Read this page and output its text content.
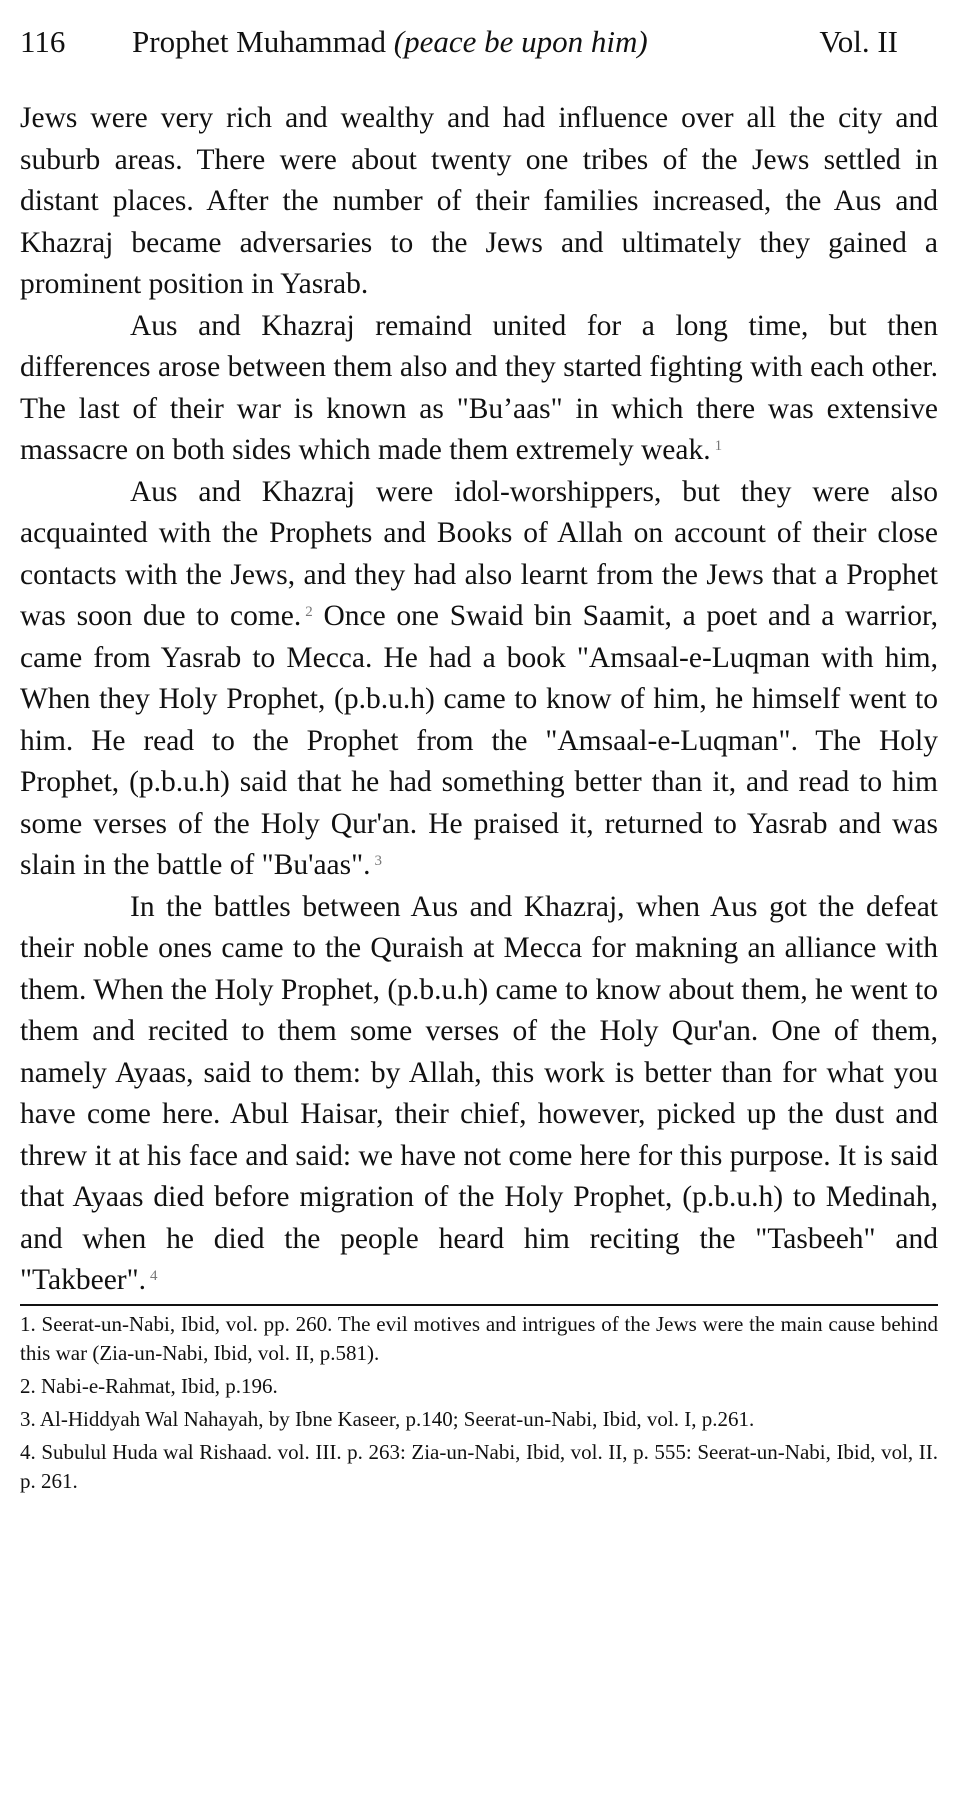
116	Prophet Muhammad (peace be upon him)	Vol. II

Jews were very rich and wealthy and had influence over all the city and suburb areas. There were about twenty one tribes of the Jews settled in distant places. After the number of their families increased, the Aus and Khazraj became adversaries to the Jews and ultimately they gained a prominent position in Yasrab.

Aus and Khazraj remaind united for a long time, but then differences arose between them also and they started fighting with each other. The last of their war is known as "Bu’aas" in which there was extensive massacre on both sides which made them extremely weak. $^1$

Aus and Khazraj were idol-worshippers, but they were also acquainted with the Prophets and Books of Allah on account of their close contacts with the Jews, and they had also learnt from the Jews that a Prophet was soon due to come. $^2$ Once one Swaid bin Saamit, a poet and a warrior, came from Yasrab to Mecca. He had a book "Amsaal-e-Luqman with him, When they Holy Prophet, (p.b.u.h) came to know of him, he himself went to him. He read to the Prophet from the "Amsaal-e-Luqman". The Holy Prophet, (p.b.u.h) said that he had something better than it, and read to him some verses of the Holy Qur'an. He praised it, returned to Yasrab and was slain in the battle of "Bu'aas". $^3$

In the battles between Aus and Khazraj, when Aus got the defeat their noble ones came to the Quraish at Mecca for makning an alliance with them. When the Holy Prophet, (p.b.u.h) came to know about them, he went to them and recited to them some verses of the Holy Qur'an. One of them, namely Ayaas, said to them: by Allah, this work is better than for what you have come here. Abul Haisar, their chief, however, picked up the dust and threw it at his face and said: we have not come here for this purpose. It is said that Ayaas died before migration of the Holy Prophet, (p.b.u.h) to Medinah, and when he died the people heard him reciting the "Tasbeeh" and "Takbeer". $^4$

1. Seerat-un-Nabi, Ibid, vol. pp. 260. The evil motives and intrigues of the Jews were the main cause behind this war (Zia-un-Nabi, Ibid, vol. II, p.581).

2. Nabi-e-Rahmat, Ibid, p.196.

3. Al-Hiddyah Wal Nahayah, by Ibne Kaseer, p.140; Seerat-un-Nabi, Ibid, vol. I, p.261.

4. Subulul Huda wal Rishaad. vol. III. p. 263: Zia-un-Nabi, Ibid, vol. II, p. 555: Seerat-un-Nabi, Ibid, vol, II. p. 261.
